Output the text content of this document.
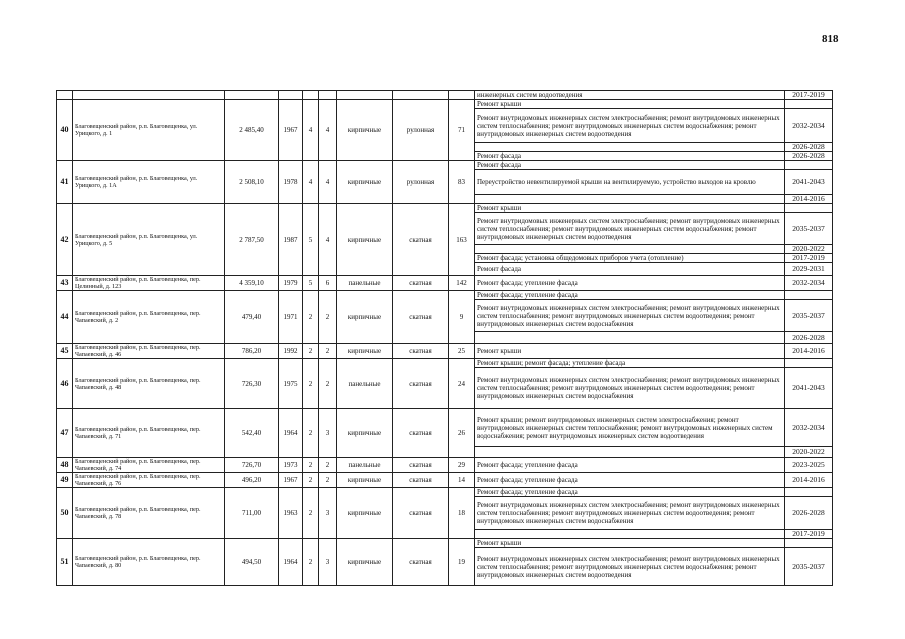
818
									инженерных систем водоотведения	2017-2019
40	Благовещенский район, р.п. Благовещенка, ул. Урицкого, д. 1	2 485,40	1967	4	4	кирпичные	рулонная	71	Ремонт крыши	
									Ремонт внутридомовых инженерных систем электроснабжения; ремонт внутридомовых инженерных систем теплоснабжения; ремонт внутридомовых инженерных систем водоснабжения; ремонт внутридомовых инженерных систем водоотведения	2032-2034
										2026-2028
									Ремонт фасада	2026-2028
41	Благовещенский район, р.п. Благовещенка, ул. Урицкого, д. 1А	2 508,10	1978	4	4	кирпичные	рулонная	83	Ремонт фасада	
									Переустройство невентилируемой крыши на вентилируемую, устройство выходов на кровлю	2041-2043
										2014-2016
42	Благовещенский район, р.п. Благовещенка, ул. Урицкого, д. 5	2 787,50	1987	5	4	кирпичные	скатная	163	Ремонт крыши	
									Ремонт внутридомовых инженерных систем электроснабжения; ремонт внутридомовых инженерных систем теплоснабжения; ремонт внутридомовых инженерных систем водоснабжения; ремонт внутридомовых инженерных систем водоотведения	2035-2037
										2020-2022
									Ремонт фасада; установка общедомовых приборов учета (отопление)	2017-2019
									Ремонт фасада	2029-2031
43	Благовещенский район, р.п. Благовещенка, пер. Целинный, д. 123	4 359,10	1979	5	6	панельные	скатная	142	Ремонт фасада; утепление фасада	2032-2034
44	Благовещенский район, р.п. Благовещенка, пер. Чапаевский, д. 2	479,40	1971	2	2	кирпичные	скатная	9	Ремонт фасада; утепление фасада	
									Ремонт внутридомовых инженерных систем электроснабжения; ремонт внутридомовых инженерных систем теплоснабжения; ремонт внутридомовых инженерных систем водоотведения; ремонт внутридомовых инженерных систем водоснабжения	2035-2037
										2026-2028
45	Благовещенский район, р.п. Благовещенка, пер. Чапаевский, д. 46	786,20	1992	2	2	кирпичные	скатная	25	Ремонт крыши	2014-2016
46	Благовещенский район, р.п. Благовещенка, пер. Чапаевский, д. 48	726,30	1975	2	2	панельные	скатная	24	Ремонт крыши; ремонт фасада; утепление фасада	
									Ремонт внутридомовых инженерных систем электроснабжения; ремонт внутридомовых инженерных систем теплоснабжения; ремонт внутридомовых инженерных систем водоотведения; ремонт внутридомовых инженерных систем водоснабжения	2041-2043
47	Благовещенский район, р.п. Благовещенка, пер. Чапаевский, д. 71	542,40	1964	2	3	кирпичные	скатная	26	Ремонт крыши; ремонт внутридомовых инженерных систем электроснабжения; ремонт внутридомовых инженерных систем теплоснабжения; ремонт внутридомовых инженерных систем водоснабжения; ремонт внутридомовых инженерных систем водоотведения	2032-2034
										2020-2022
48	Благовещенский район, р.п. Благовещенка, пер. Чапаевский, д. 74	726,70	1973	2	2	панельные	скатная	29	Ремонт фасада; утепление фасада	2023-2025
49	Благовещенский район, р.п. Благовещенка, пер. Чапаевский, д. 76	496,20	1967	2	2	кирпичные	скатная	14	Ремонт фасада; утепление фасада	2014-2016
50	Благовещенский район, р.п. Благовещенка, пер. Чапаевский, д. 78	711,00	1963	2	3	кирпичные	скатная	18	Ремонт фасада; утепление фасада	
									Ремонт внутридомовых инженерных систем электроснабжения; ремонт внутридомовых инженерных систем теплоснабжения; ремонт внутридомовых инженерных систем водоотведения; ремонт внутридомовых инженерных систем водоснабжения	2026-2028
										2017-2019
51	Благовещенский район, р.п. Благовещенка, пер. Чапаевский, д. 80	494,50	1964	2	3	кирпичные	скатная	19	Ремонт крыши	
									Ремонт внутридомовых инженерных систем электроснабжения; ремонт внутридомовых инженерных систем теплоснабжения; ремонт внутридомовых инженерных систем водоснабжения; ремонт внутридомовых инженерных систем водоотведения	2035-2037
